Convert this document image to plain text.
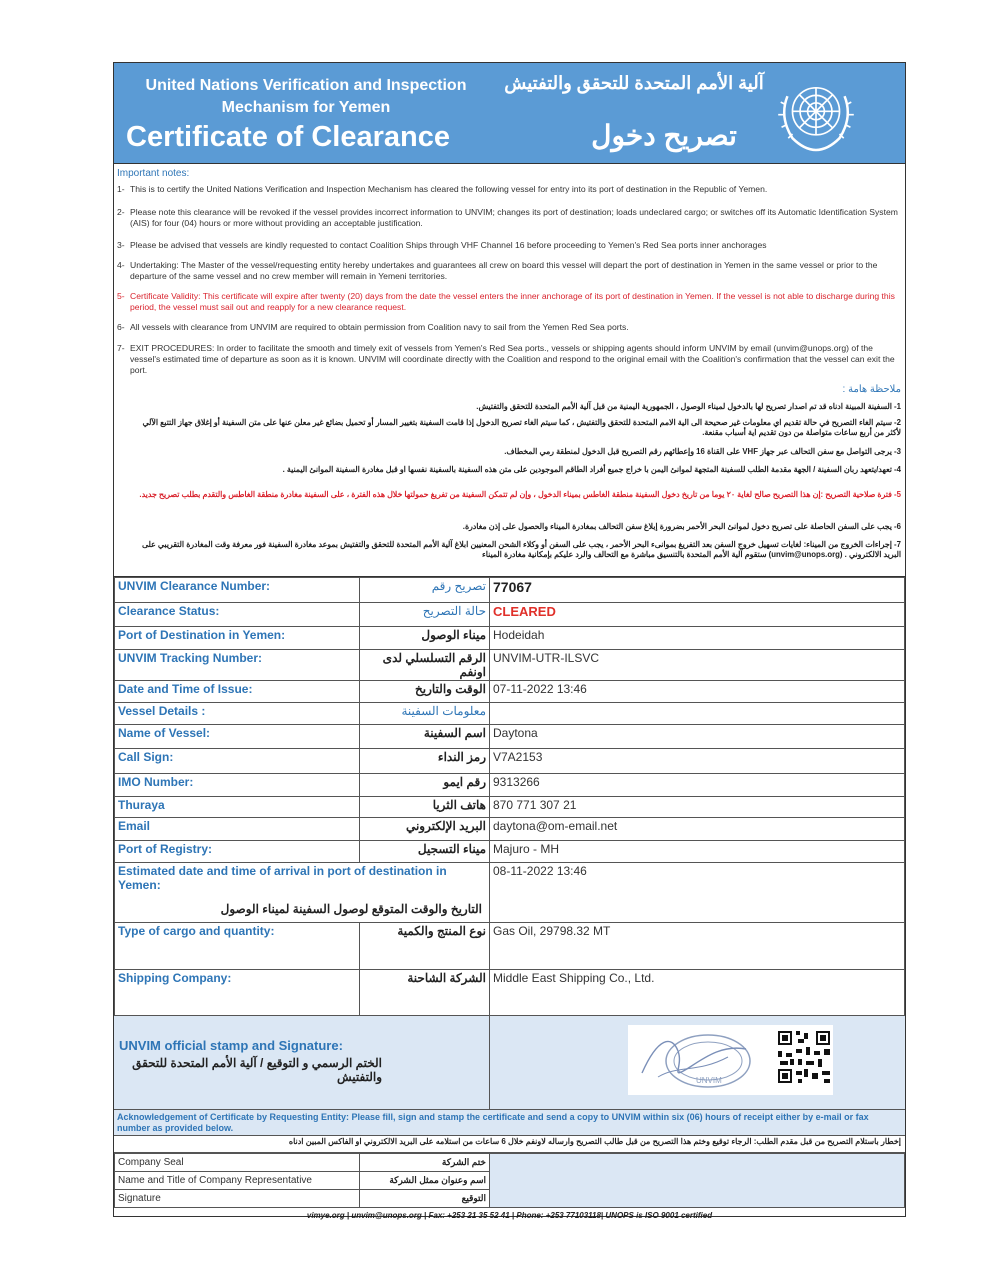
United Nations Verification and Inspection Mechanism for Yemen
Certificate of Clearance
آلية الأمم المتحدة للتحقق والتفتيش
تصريح دخول
Important notes:
1- This is to certify the United Nations Verification and Inspection Mechanism has cleared the following vessel for entry into its port of destination in the Republic of Yemen.
2- Please note this clearance will be revoked if the vessel provides incorrect information to UNVIM; changes its port of destination; loads undeclared cargo; or switches off its Automatic Identification System (AIS) for four (04) hours or more without providing an acceptable justification.
3- Please be advised that vessels are kindly requested to contact Coalition Ships through VHF Channel 16 before proceeding to Yemen's Red Sea ports inner anchorages
4- Undertaking: The Master of the vessel/requesting entity hereby undertakes and guarantees all crew on board this vessel will depart the port of destination in Yemen in the same vessel or prior to the departure of the same vessel and no crew member will remain in Yemeni territories.
5- Certificate Validity: This certificate will expire after twenty (20) days from the date the vessel enters the inner anchorage of its port of destination in Yemen. If the vessel is not able to discharge during this period, the vessel must sail out and reapply for a new clearance request.
6- All vessels with clearance from UNVIM are required to obtain permission from Coalition navy to sail from the Yemen Red Sea ports.
7- EXIT PROCEDURES: In order to facilitate the smooth and timely exit of vessels from Yemen's Red Sea ports., vessels or shipping agents should inform UNVIM by email (unvim@unops.org) of the vessel's estimated time of departure as soon as it is known. UNVIM will coordinate directly with the Coalition and respond to the original email with the Coalition's confirmation that the vessel can exit the port.
ملاحظة هامة :
1- السفينة المبينة ادناه قد تم اصدار تصريح لها بالدخول لميناء الوصول ، الجمهورية اليمنية من قبل آلية الأمم المتحدة للتحقق والتفتيش.
2- سيتم الغاء التصريح في حالة تقديم اي معلومات غير صحيحة الى الية الامم المتحدة للتحقق والتفتيش ، كما سيتم الغاء تصريح الدخول إذا قامت السفينة بتغيير المسار أو تحميل بضائع غير معلن عنها على متن السفينة أو إغلاق جهاز التتبع الآلي لأكثر من أربع ساعات متواصلة من دون تقديم اية أسباب مقنعة.
3- يرجى التواصل مع سفن التحالف عبر جهاز VHF على القناة 16 وإعطائهم رقم التصريح قبل الدخول لمنطقة رمي المخطاف.
4- تعهد/يتعهد ربان السفينة / الجهة مقدمة الطلب للسفينة المتجهة لموانئ اليمن با خراج جميع أفراد الطاقم الموجودين على متن هذه السفينة بالسفينة نفسها او قبل مغادرة السفينة الموانئ اليمنية .
5- فترة صلاحية التصريح :إن هذا التصريح صالح لغاية ٢٠ يوما من تاريخ دخول السفينة منطقة الغاطس بميناء الدخول ، وإن لم تتمكن السفينة من تفريغ حمولتها خلال هذه الفترة ، على السفينة مغادرة منطقة الغاطس والتقدم بطلب تصريح جديد.
6- يجب على السفن الحاصلة على تصريح دخول لموانئ البحر الأحمر بضرورة إبلاغ سفن التحالف بمغادرة الميناء والحصول على إذن مغادرة.
7- إجراءات الخروج من الميناء: لغايات تسهيل خروج السفن بعد التفريغ بموانىء البحر الأحمر ، يجب على السفن أو وكلاء الشحن المعنيين ابلاغ آلية الأمم المتحدة للتحقق والتفتيش بموعد مغادرة السفينة فور معرفة وقت المغادرة التقريبي على البريد الالكتروني . (unvim@unops.org) ستقوم آلية الأمم المتحدة بالتنسيق مباشرة مع التحالف والرد عليكم بإمكانية مغادرة الميناء
UNVIM Clearance Number:	تصريح رقم	77067
Clearance Status:	حالة التصريح	CLEARED
Port of Destination in Yemen:	ميناء الوصول	Hodeidah
UNVIM Tracking Number:	الرقم التسلسلي لدى اونفم	UNVIM-UTR-ILSVC
Date and Time of Issue:	الوقت والتاريخ	07-11-2022 13:46
Vessel Details :	معلومات السفينة	
Name of Vessel:	اسم السفينة	Daytona
Call Sign:	رمز النداء	V7A2153
IMO Number:	رقم ايمو	9313266
Thuraya	هاتف الثريا	870 771 307 21
Email	البريد الإلكتروني	daytona@om-email.net
Port of Registry:	ميناء التسجيل	Majuro - MH

Estimated date and time of arrival in port of destination in Yemen:
التاريخ والوقت المتوقع لوصول السفينة لميناء الوصول		08-11-2022 13:46
Type of cargo and quantity:	نوع المنتج والكمية	Gas Oil, 29798.32 MT
Shipping Company:	الشركة الشاحنة	Middle East Shipping Co., Ltd.
UNVIM official stamp and Signature:
الختم الرسمي و التوقيع / آلية الأمم المتحدة للتحقق والتفتيش	UNVIM
Acknowledgement of Certificate by Requesting Entity: Please fill, sign and stamp the certificate and send a copy to UNVIM within six (06) hours of receipt either by e-mail or fax number as provided below.
إخطار باستلام التصريح من قبل مقدم الطلب: الرجاء توقيع وختم هذا التصريح من قبل طالب التصريح وارساله لاونفم خلال 6 ساعات من استلامه على البريد الالكتروني او الفاكس المبين ادناه
Company Seal	ختم الشركة	
Name and Title of Company Representative	اسم وعنوان ممثل الشركة	
Signature	التوقيع	
vimye.org | unvim@unops.org | Fax: +253 21 35 52 41 | Phone: +253 77103118| UNOPS is ISO 9001 certified
